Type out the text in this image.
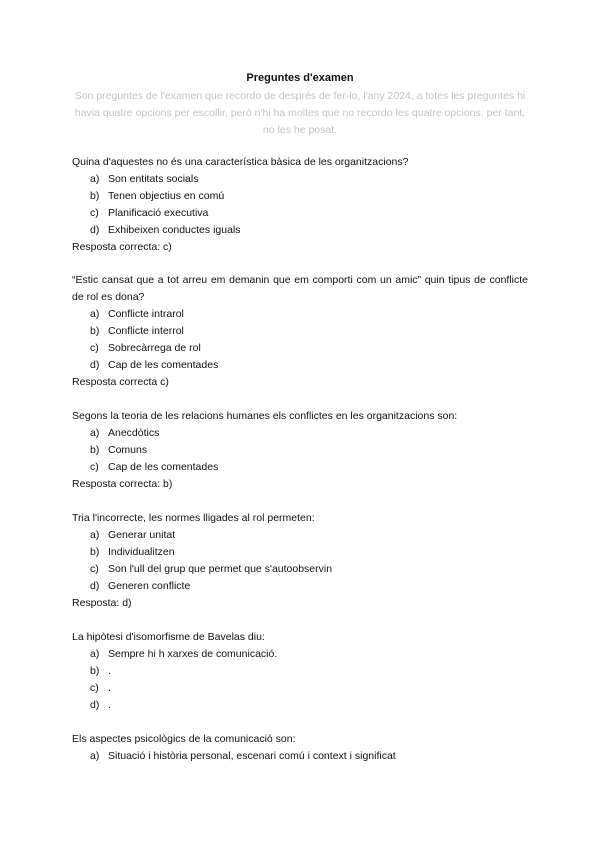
Preguntes d'examen
Son preguntes de l'examen que recordo de després de fer-lo, l'any 2024, a totes les preguntes hi havia quatre opcions per escollir, però n'hi ha moltes que no recordo les quatre opcions, per tant, no les he posat.
Quina d'aquestes no és una característica bàsica de les organitzacions?
a) Son entitats socials
b) Tenen objectius en comú
c) Planificació executiva
d) Exhibeixen conductes iguals
Resposta correcta: c)
“Estic cansat que a tot arreu em demanin que em comporti com un amic” quin tipus de conflicte de rol es dona?
a) Conflicte intrarol
b) Conflicte interrol
c) Sobrecàrrega de rol
d) Cap de les comentades
Resposta correcta c)
Segons la teoria de les relacions humanes els conflictes en les organitzacions son:
a) Anecdòtics
b) Comuns
c) Cap de les comentades
Resposta correcta: b)
Tria l'incorrecte, les normes lligades al rol permeten:
a) Generar unitat
b) Individualitzen
c) Son l'ull del grup que permet que s'autoobservin
d) Generen conflicte
Resposta: d)
La hipòtesi d'isomorfisme de Bavelas diu:
a) Sempre hi h xarxes de comunicació.
b) .
c) .
d) .
Els aspectes psicològics de la comunicació son:
a) Situació i història personal, escenari comú i context i significat
